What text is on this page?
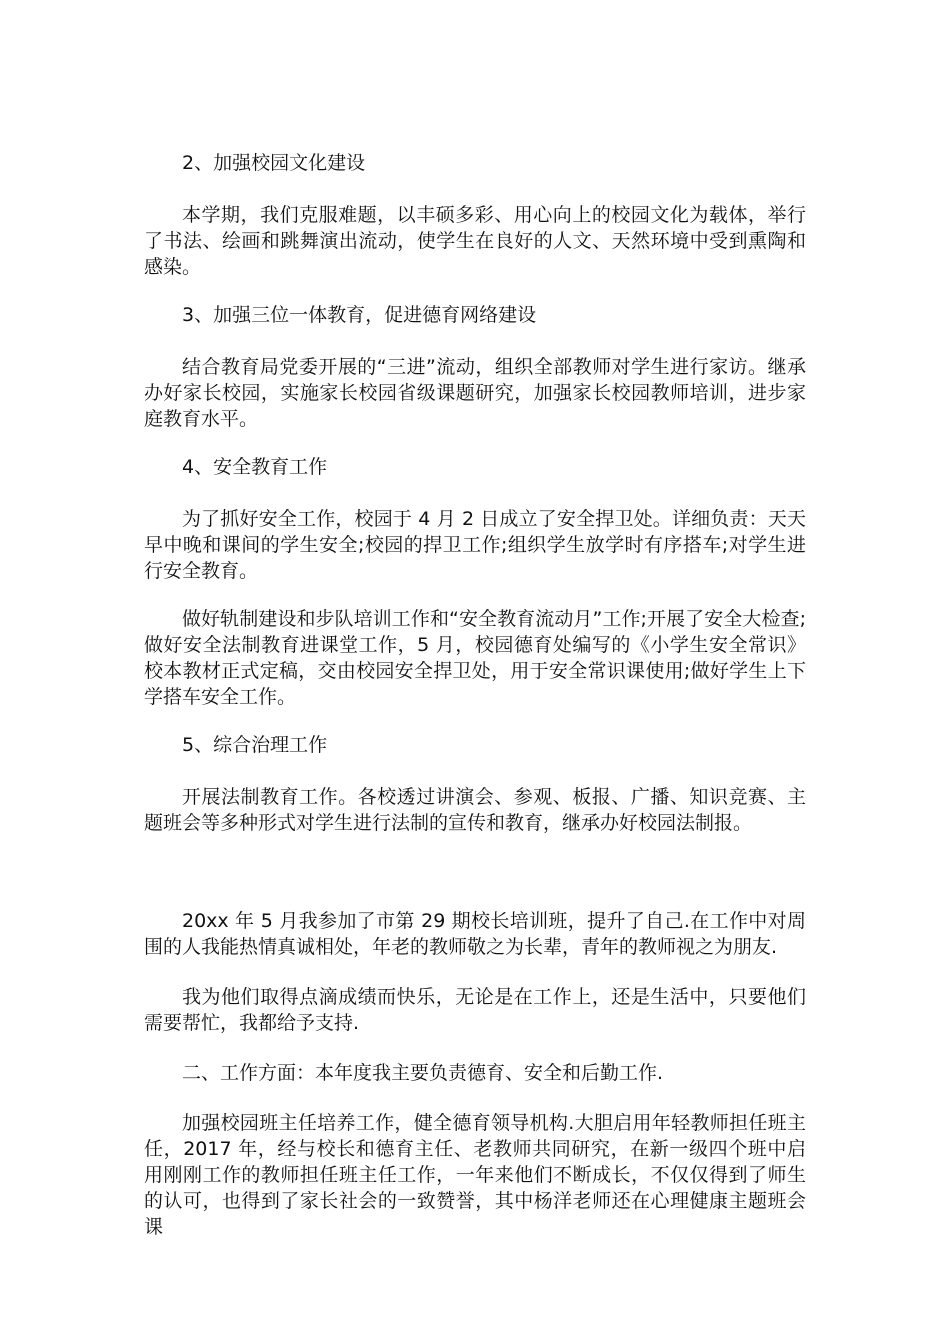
2、加强校园文化建设

本学期，我们克服难题，以丰硕多彩、用心向上的校园文化为载体，举行了书法、绘画和跳舞演出流动，使学生在良好的人文、天然环境中受到熏陶和感染。

3、加强三位一体教育，促进德育网络建设

结合教育局党委开展的“三进”流动，组织全部教师对学生进行家访。继承办好家长校园，实施家长校园省级课题研究，加强家长校园教师培训，进步家庭教育水平。

4、安全教育工作

为了抓好安全工作，校园于 4 月 2 日成立了安全捍卫处。详细负责：天天早中晚和课间的学生安全;校园的捍卫工作;组织学生放学时有序搭车;对学生进行安全教育。

做好轨制建设和步队培训工作和“安全教育流动月”工作;开展了安全大检查;做好安全法制教育进课堂工作，5 月，校园德育处编写的《小学生安全常识》校本教材正式定稿，交由校园安全捍卫处，用于安全常识课使用;做好学生上下学搭车安全工作。

5、综合治理工作

开展法制教育工作。各校透过讲演会、参观、板报、广播、知识竞赛、主题班会等多种形式对学生进行法制的宣传和教育，继承办好校园法制报。

20xx 年 5 月我参加了市第 29 期校长培训班，提升了自己.在工作中对周围的人我能热情真诚相处，年老的教师敬之为长辈，青年的教师视之为朋友.

我为他们取得点滴成绩而快乐，无论是在工作上，还是生活中，只要他们需要帮忙，我都给予支持.

二、工作方面：本年度我主要负责德育、安全和后勤工作.

加强校园班主任培养工作，健全德育领导机构.大胆启用年轻教师担任班主任，2017 年，经与校长和德育主任、老教师共同研究，在新一级四个班中启用刚刚工作的教师担任班主任工作，一年来他们不断成长，不仅仅得到了师生的认可，也得到了家长社会的一致赞誉，其中杨洋老师还在心理健康主题班会课
